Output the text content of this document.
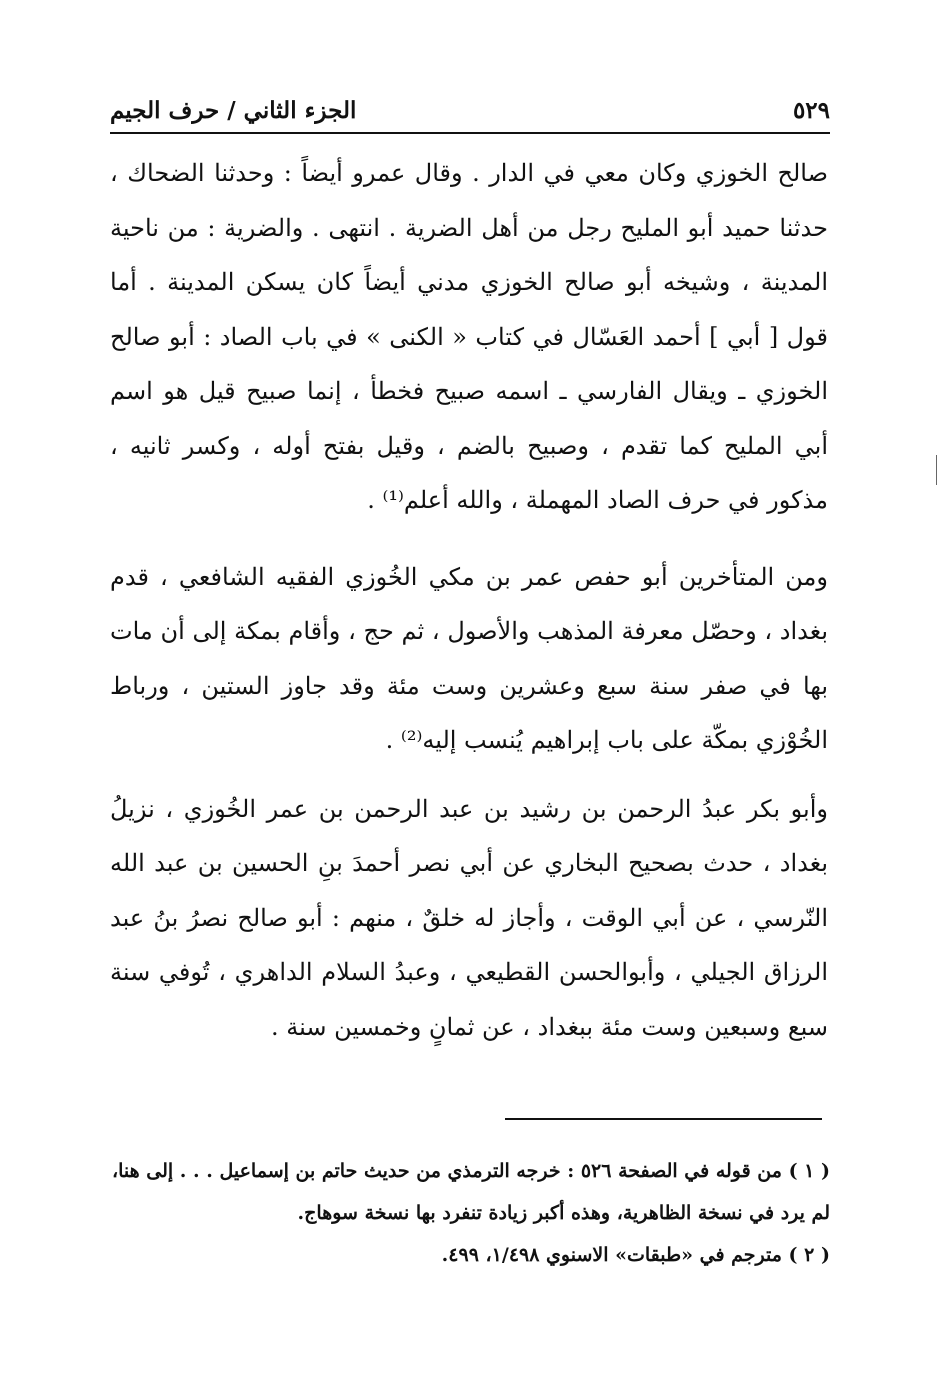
الجزء الثاني / حرف الجيم	٥٢٩

صالح الخوزي وكان معي في الدار . وقال عمرو أيضاً : وحدثنا الضحاك ، حدثنا حميد أبو المليح رجل من أهل الضرية . انتهى . والضرية : من ناحية المدينة ، وشيخه أبو صالح الخوزي مدني أيضاً كان يسكن المدينة . أما قول [ أبي ] أحمد العَسّال في كتاب « الكنى » في باب الصاد : أبو صالح الخوزي ـ ويقال الفارسي ـ اسمه صبيح فخطأ ، إنما صبيح قيل هو اسم أبي المليح كما تقدم ، وصبيح بالضم ، وقيل بفتح أوله ، وكسر ثانيه ، مذكور في حرف الصاد المهملة ، والله أعلم⁽¹⁾ .

ومن المتأخرين أبو حفص عمر بن مكي الخُوزي الفقيه الشافعي ، قدم بغداد ، وحصّل معرفة المذهب والأصول ، ثم حج ، وأقام بمكة إلى أن مات بها في صفر سنة سبع وعشرين وست مئة وقد جاوز الستين ، ورباط الخُوْزي بمكّة على باب إبراهيم يُنسب إليه⁽²⁾ .

وأبو بكر عبدُ الرحمن بن رشيد بن عبد الرحمن بن عمر الخُوزي ، نزيلُ بغداد ، حدث بصحيح البخاري عن أبي نصر أحمدَ بنِ الحسين بن عبد الله النّرسي ، عن أبي الوقت ، وأجاز له خلقٌ ، منهم : أبو صالح نصرُ بنُ عبد الرزاق الجيلي ، وأبوالحسن القطيعي ، وعبدُ السلام الداهري ، تُوفي سنة سبع وسبعين وست مئة ببغداد ، عن ثمانٍ وخمسين سنة .

( ١ ) من قوله في الصفحة ٥٢٦ : خرجه الترمذي من حديث حاتم بن إسماعيل . . . إلى هنا، لم يرد في نسخة الظاهرية، وهذه أكبر زيادة تنفرد بها نسخة سوهاج.

( ٢ ) مترجم في «طبقات» الاسنوي ١/٤٩٨، ٤٩٩.
